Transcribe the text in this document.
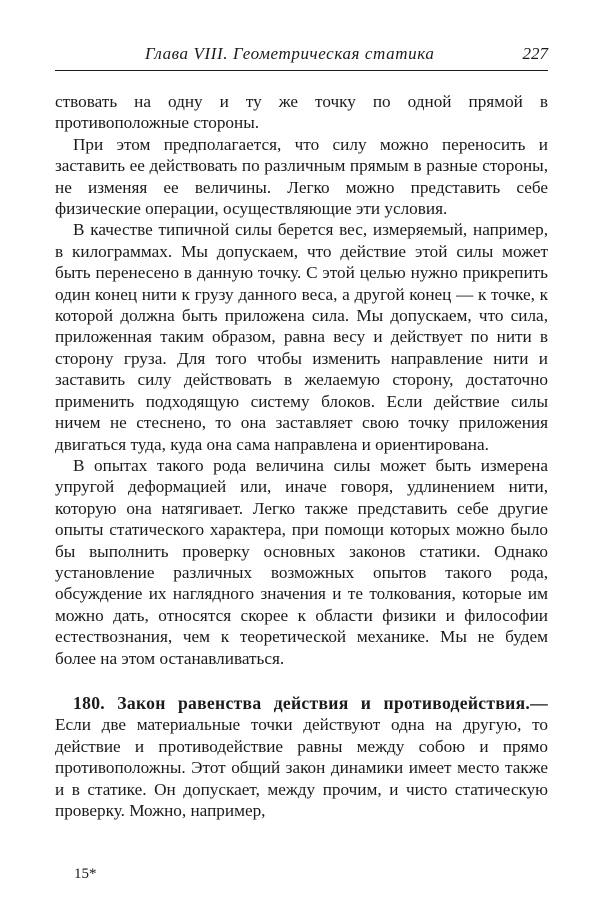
Глава VIII. Геометрическая статика	227

ствовать на одну и ту же точку по одной прямой в противоположные стороны.

При этом предполагается, что силу можно переносить и заставить ее действовать по различным прямым в разные стороны, не изменяя ее величины. Легко можно представить себе физические операции, осуществляющие эти условия.

В качестве типичной силы берется вес, измеряемый, например, в килограммах. Мы допускаем, что действие этой силы может быть перенесено в данную точку. С этой целью нужно прикрепить один конец нити к грузу данного веса, а другой конец — к точке, к которой должна быть приложена сила. Мы допускаем, что сила, приложенная таким образом, равна весу и действует по нити в сторону груза. Для того чтобы изменить направление нити и заставить силу действовать в желаемую сторону, достаточно применить подходящую систему блоков. Если действие силы ничем не стеснено, то она заставляет свою точку приложения двигаться туда, куда она сама направлена и ориентирована.

В опытах такого рода величина силы может быть измерена упругой деформацией или, иначе говоря, удлинением нити, которую она натягивает. Легко также представить себе другие опыты статического характера, при помощи которых можно было бы выполнить проверку основных законов статики. Однако установление различных возможных опытов такого рода, обсуждение их наглядного значения и те толкования, которые им можно дать, относятся скорее к области физики и философии естествознания, чем к теоретической механике. Мы не будем более на этом останавливаться.

180. Закон равенства действия и противодействия.— Если две материальные точки действуют одна на другую, то действие и противодействие равны между собою и прямо противоположны. Этот общий закон динамики имеет место также и в статике. Он допускает, между прочим, и чисто статическую проверку. Можно, например,

15*
